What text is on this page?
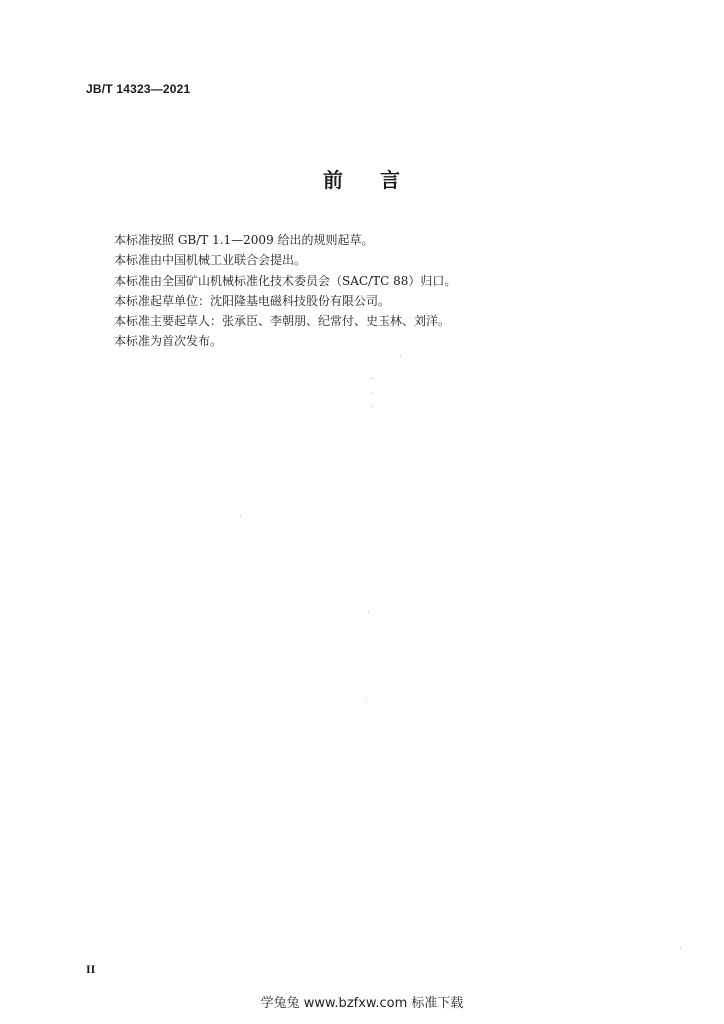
JB/T 14323—2021
前 言
本标准按照 GB/T 1.1—2009 给出的规则起草。
本标准由中国机械工业联合会提出。
本标准由全国矿山机械标准化技术委员会（SAC/TC 88）归口。
本标准起草单位：沈阳隆基电磁科技股份有限公司。
本标准主要起草人：张承臣、李朝朋、纪常付、史玉林、刘洋。
本标准为首次发布。
II
学兔兔 www.bzfxw.com 标准下载
